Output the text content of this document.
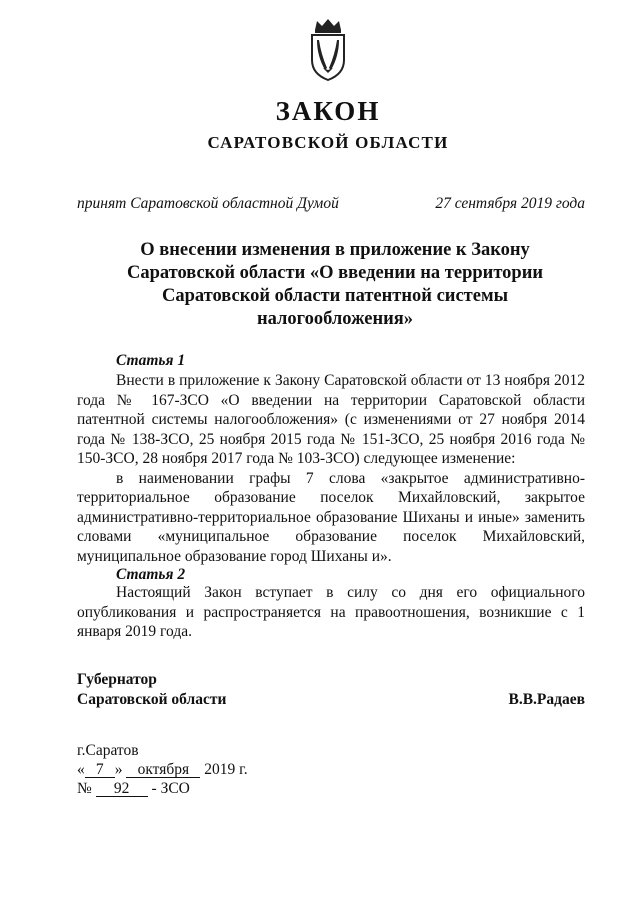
ЗАКОН
САРАТОВСКОЙ ОБЛАСТИ
принят Саратовской областной Думой	27 сентября 2019 года
О внесении изменения в приложение к Закону Саратовской области «О введении на территории Саратовской области патентной системы налогообложения»
Статья 1

Внести в приложение к Закону Саратовской области от 13 ноября 2012 года № 167-ЗСО «О введении на территории Саратовской области патентной системы налогообложения» (с изменениями от 27 ноября 2014 года № 138-ЗСО, 25 ноября 2015 года № 151-ЗСО, 25 ноября 2016 года № 150-ЗСО, 28 ноября 2017 года № 103-ЗСО) следующее изменение:

в наименовании графы 7 слова «закрытое административно-территориальное образование поселок Михайловский, закрытое административно-территориальное образование Шиханы и иные» заменить словами «муниципальное образование поселок Михайловский, муниципальное образование город Шиханы и».

Статья 2

Настоящий Закон вступает в силу со дня его официального опубликования и распространяется на правоотношения, возникшие с 1 января 2019 года.

Губернатор
Саратовской области	В.В.Радаев
г.Саратов
« 7 » октября 2019 г.
№ 92 - ЗСО
